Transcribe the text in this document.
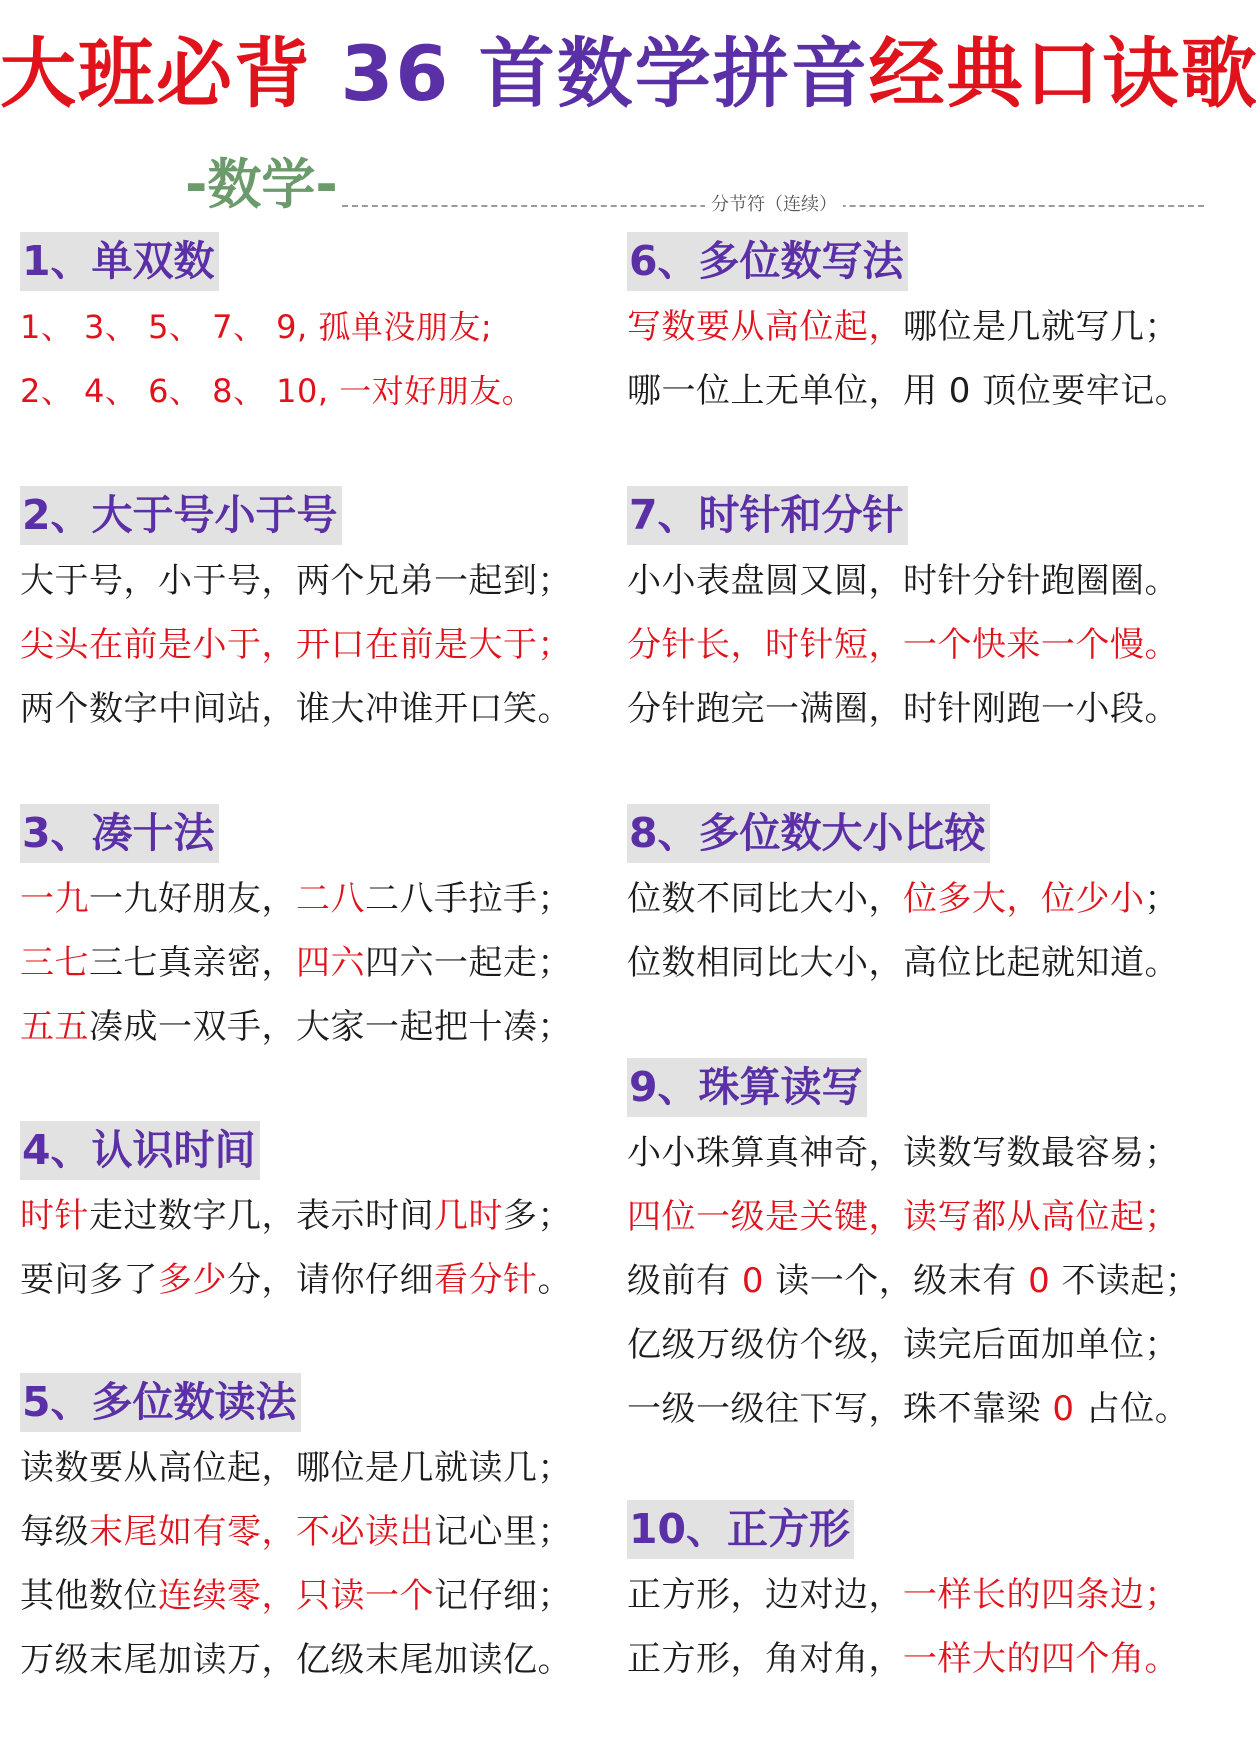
大班必背 36 首数学拼音经典口诀歌
-数学-	分节符（连续）
1、单双数
1、 3、 5、 7、 9, 孤单没朋友;
2、 4、 6、 8、 10, 一对好朋友。
2、大于号小于号
大于号，小于号，两个兄弟一起到；
尖头在前是小于，开口在前是大于；
两个数字中间站，谁大冲谁开口笑。
3、凑十法
一九一九好朋友，二八二八手拉手；
三七三七真亲密，四六四六一起走；
五五凑成一双手，大家一起把十凑；
4、认识时间
时针走过数字几，表示时间几时多；
要问多了多少分，请你仔细看分针。
5、多位数读法
读数要从高位起，哪位是几就读几；
每级末尾如有零，不必读出记心里；
其他数位连续零，只读一个记仔细；
万级末尾加读万，亿级末尾加读亿。
6、多位数写法
写数要从高位起，哪位是几就写几；
哪一位上无单位，用 0 顶位要牢记。
7、时针和分针
小小表盘圆又圆，时针分针跑圈圈。
分针长，时针短，一个快来一个慢。
分针跑完一满圈，时针刚跑一小段。
8、多位数大小比较
位数不同比大小，位多大，位少小；
位数相同比大小，高位比起就知道。
9、珠算读写
小小珠算真神奇，读数写数最容易；
四位一级是关键，读写都从高位起；
级前有 0 读一个，级末有 0 不读起；
亿级万级仿个级，读完后面加单位；
一级一级往下写，珠不靠梁 0 占位。
10、正方形
正方形，边对边，一样长的四条边；
正方形，角对角，一样大的四个角。
